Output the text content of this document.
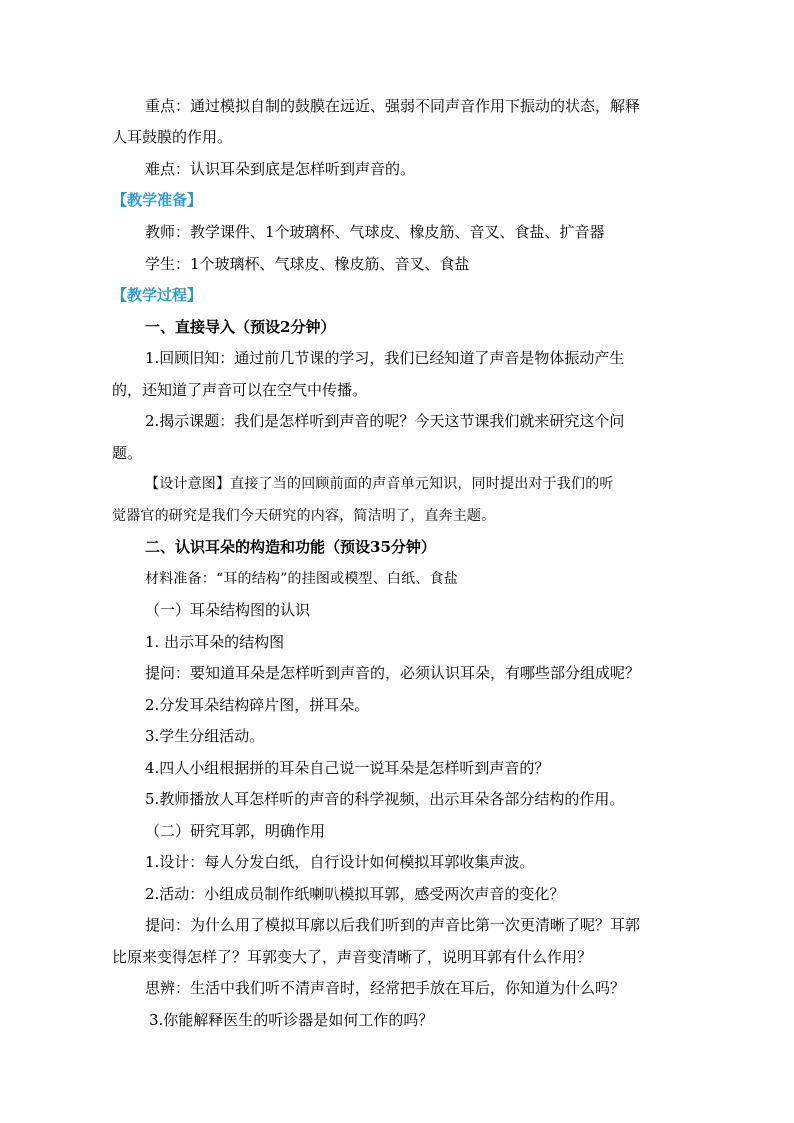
重点：通过模拟自制的鼓膜在远近、强弱不同声音作用下振动的状态，解释
人耳鼓膜的作用。
难点：认识耳朵到底是怎样听到声音的。
【教学准备】
教师：教学课件、1个玻璃杯、气球皮、橡皮筋、音叉、食盐、扩音器
学生：1个玻璃杯、气球皮、橡皮筋、音叉、食盐
【教学过程】
一、直接导入（预设2分钟）
1.回顾旧知：通过前几节课的学习，我们已经知道了声音是物体振动产生
的，还知道了声音可以在空气中传播。
2.揭示课题：我们是怎样听到声音的呢？今天这节课我们就来研究这个问
题。
【设计意图】直接了当的回顾前面的声音单元知识，同时提出对于我们的听
觉器官的研究是我们今天研究的内容，简洁明了，直奔主题。
二、认识耳朵的构造和功能（预设35分钟）
材料准备：“耳的结构”的挂图或模型、白纸、食盐
（一）耳朵结构图的认识
1. 出示耳朵的结构图
提问：要知道耳朵是怎样听到声音的，必须认识耳朵，有哪些部分组成呢？
2.分发耳朵结构碎片图，拼耳朵。
3.学生分组活动。
4.四人小组根据拼的耳朵自己说一说耳朵是怎样听到声音的？
5.教师播放人耳怎样听的声音的科学视频，出示耳朵各部分结构的作用。
（二）研究耳郭，明确作用
1.设计：每人分发白纸，自行设计如何模拟耳郭收集声波。
2.活动：小组成员制作纸喇叭模拟耳郭，感受两次声音的变化？
提问：为什么用了模拟耳廓以后我们听到的声音比第一次更清晰了呢？耳郭
比原来变得怎样了？耳郭变大了，声音变清晰了，说明耳郭有什么作用？
思辨：生活中我们听不清声音时，经常把手放在耳后，你知道为什么吗？
3.你能解释医生的听诊器是如何工作的吗？
